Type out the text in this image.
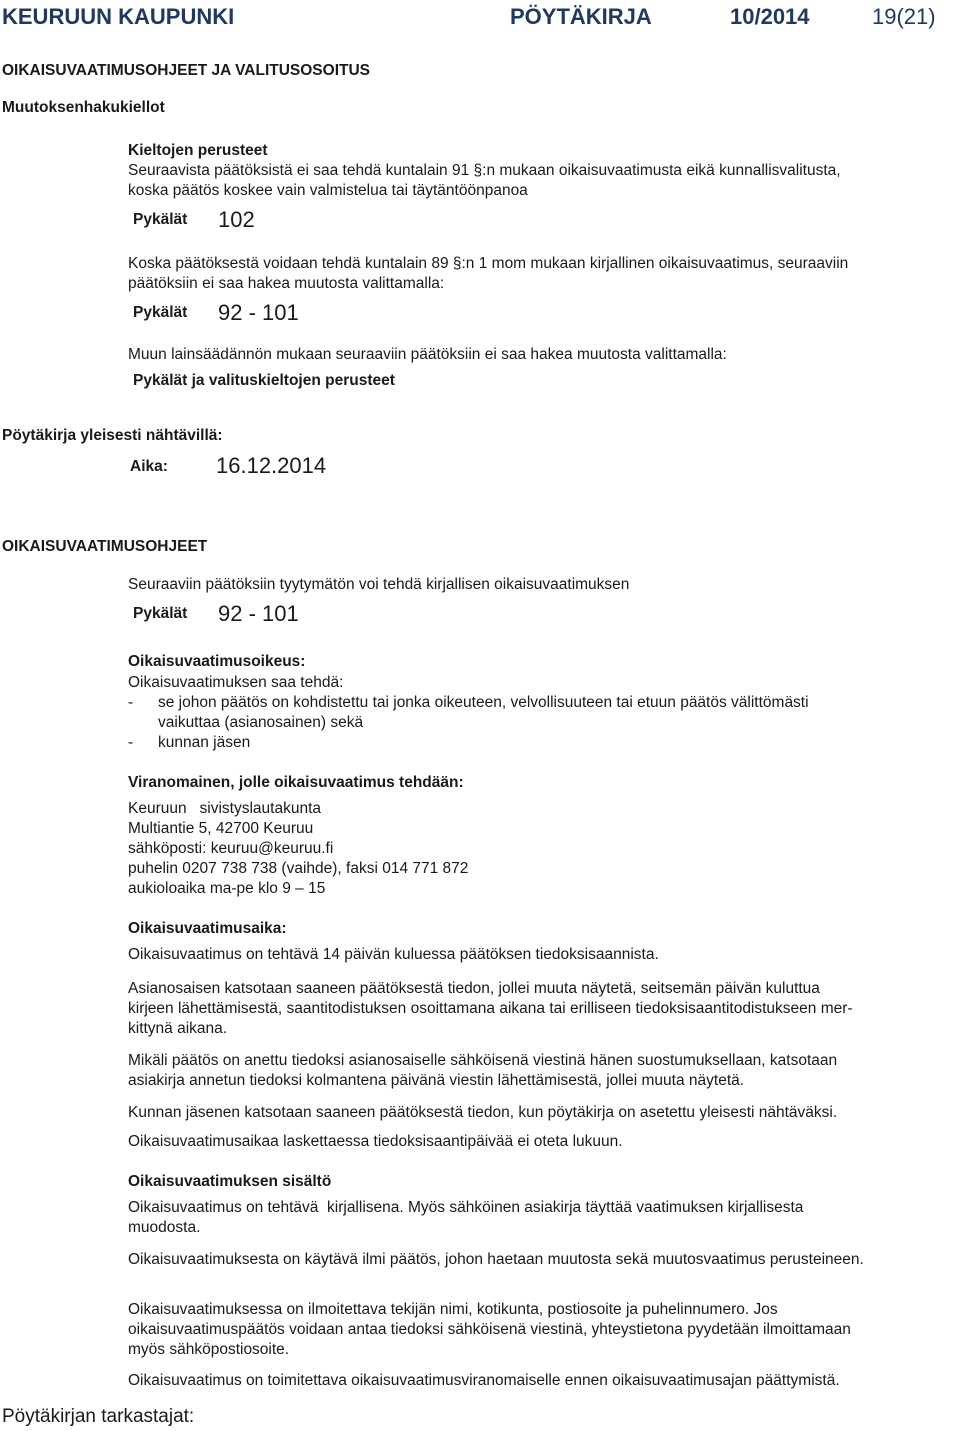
KEURUUN KAUPUNKI	PÖYTÄKIRJA	10/2014	19(21)
OIKAISUVAATIMUSOHJEET JA VALITUSOSOITUS
Muutoksenhakukiellot
Kieltojen perusteet
Seuraavista päätöksistä ei saa tehdä kuntalain 91 §:n mukaan oikaisuvaatimusta eikä kunnallisvalitusta,
koska päätös koskee vain valmistelua tai täytäntöönpanoa
Pykälät 102
Koska päätöksestä voidaan tehdä kuntalain 89 §:n 1 mom mukaan kirjallinen oikaisuvaatimus, seuraaviin
päätöksiin ei saa hakea muutosta valittamalla:
Pykälät 92 - 101
Muun lainsäädännön mukaan seuraaviin päätöksiin ei saa hakea muutosta valittamalla:
Pykälät ja valituskieltojen perusteet
Pöytäkirja yleisesti nähtävillä:
Aika: 16.12.2014
OIKAISUVAATIMUSOHJEET
Seuraaviin päätöksiin tyytymätön voi tehdä kirjallisen oikaisuvaatimuksen
Pykälät 92 - 101
Oikaisuvaatimusoikeus:
Oikaisuvaatimuksen saa tehdä:
- se johon päätös on kohdistettu tai jonka oikeuteen, velvollisuuteen tai etuun päätös välittömästi
vaikuttaa (asianosainen) sekä
- kunnan jäsen
Viranomainen, jolle oikaisuvaatimus tehdään:
Keuruun   sivistyslautakunta
Multiantie 5, 42700 Keuruu
sähköposti: keuruu@keuruu.fi
puhelin 0207 738 738 (vaihde), faksi 014 771 872
aukioloaika ma-pe klo 9 – 15
Oikaisuvaatimusaika:
Oikaisuvaatimus on tehtävä 14 päivän kuluessa päätöksen tiedoksisaannista.
Asianosaisen katsotaan saaneen päätöksestä tiedon, jollei muuta näytetä, seitsemän päivän kuluttua
kirjeen lähettämisestä, saantitodistuksen osoittamana aikana tai erilliseen tiedoksisaantitodistukseen mer-
kittynä aikana.
Mikäli päätös on anettu tiedoksi asianosaiselle sähköisenä viestinä hänen suostumuksellaan, katsotaan
asiakirja annetun tiedoksi kolmantena päivänä viestin lähettämisestä, jollei muuta näytetä.
Kunnan jäsenen katsotaan saaneen päätöksestä tiedon, kun pöytäkirja on asetettu yleisesti nähtäväksi.
Oikaisuvaatimusaikaa laskettaessa tiedoksisaantipäivää ei oteta lukuun.
Oikaisuvaatimuksen sisältö
Oikaisuvaatimus on tehtävä  kirjallisena. Myös sähköinen asiakirja täyttää vaatimuksen kirjallisesta
muodosta.
Oikaisuvaatimuksesta on käytävä ilmi päätös, johon haetaan muutosta sekä muutosvaatimus perusteineen.
Oikaisuvaatimuksessa on ilmoitettava tekijän nimi, kotikunta, postiosoite ja puhelinnumero. Jos
oikaisuvaatimuspäätös voidaan antaa tiedoksi sähköisenä viestinä, yhteystietona pyydetään ilmoittamaan
myös sähköpostiosoite.
Oikaisuvaatimus on toimitettava oikaisuvaatimusviranomaiselle ennen oikaisuvaatimusajan päättymistä.
Pöytäkirjan tarkastajat:
